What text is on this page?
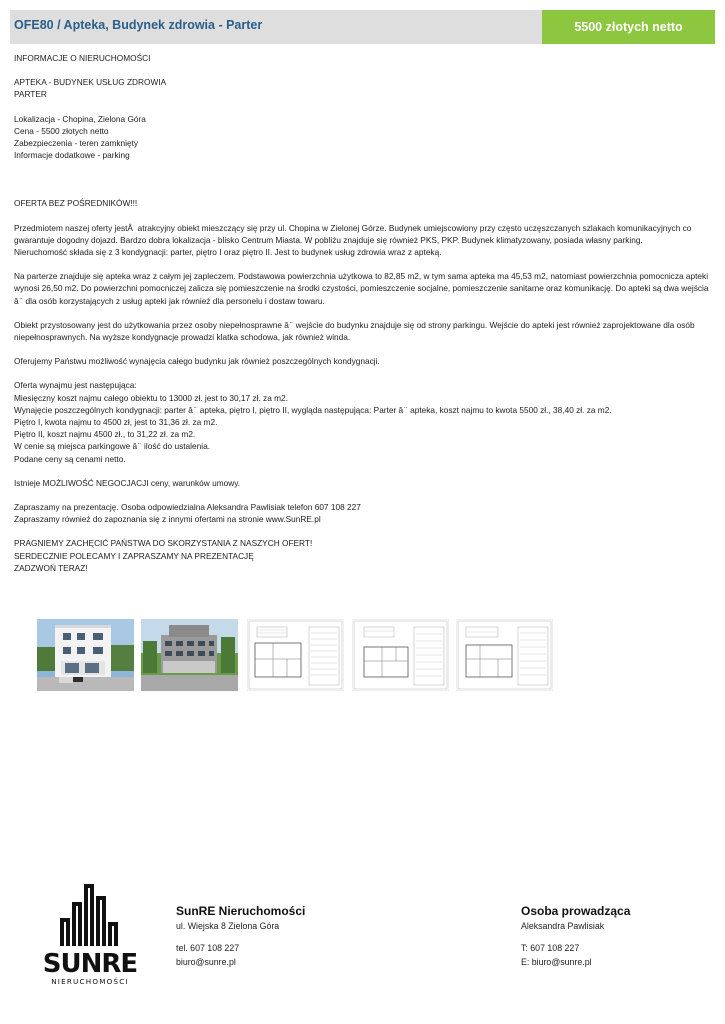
OFE80 / Apteka, Budynek zdrowia - Parter	5500 złotych netto

INFORMACJE O NIERUCHOMOŚCI

APTEKA - BUDYNEK USŁUG ZDROWIA
PARTER

Lokalizacja - Chopina, Zielona Góra
Cena - 5500 złotych netto
Zabezpieczenia - teren zamknięty
Informacje dodatkowe - parking

OFERTA BEZ POŚREDNIKÓW!!!

Przedmiotem naszej oferty jestÂ  atrakcyjny obiekt mieszczący się przy ul. Chopina w Zielonej Górze. Budynek umiejscowiony przy często uczęszczanych szlakach komunikacyjnych co gwarantuje dogodny dojazd. Bardzo dobra lokalizacja - blisko Centrum Miasta. W pobliżu znajduje się również PKS, PKP. Budynek klimatyzowany, posiada własny parking.
Nieruchomość składa się z 3 kondygnacji: parter, piętro I oraz piętro II. Jest to budynek usług zdrowia wraz z apteką.

Na parterze znajduje się apteka wraz z całym jej zapleczem. Podstawowa powierzchnia użytkowa to 82,85 m2, w tym sama apteka ma 45,53 m2, natomiast powierzchnia pomocnicza apteki wynosi 26,50 m2. Do powierzchni pomocniczej zalicza się pomieszczenie na środki czystości, pomieszczenie socjalne, pomieszczenie sanitarne oraz komunikację. Do apteki są dwa wejścia â ̈  dla osób korzystających z usług apteki jak również dla personelu i dostaw towaru.

Obiekt przystosowany jest do użytkowania przez osoby niepełnosprawne â ̈  wejście do budynku znajduje się od strony parkingu. Wejście do apteki jest również zaprojektowane dla osób niepełnosprawnych. Na wyższe kondygnacje prowadzi klatka schodowa, jak również winda.

Oferujemy Państwu możliwość wynajęcia całego budynku jak również poszczególnych kondygnacji.

Oferta wynajmu jest następująca:
Miesięczny koszt najmu całego obiektu to 13000 zł. jest to 30,17 zł. za m2.
Wynajęcie poszczególnych kondygnacji: parter â ̈  apteka, piętro I, piętro II, wygląda następująca: Parter â ̈  apteka, koszt najmu to kwota 5500 zł., 38,40 zł. za m2.
Piętro I, kwota najmu to 4500 zł, jest to 31,36 zł. za m2.
Piętro II, koszt najmu 4500 zł., to 31,22 zł. za m2.
W cenie są miejsca parkingowe â ̈  ilość do ustalenia.
Podane ceny są cenami netto.

Istnieje MOŻLIWOŚĆ NEGOCJACJI ceny, warunków umowy.

Zapraszamy na prezentację. Osoba odpowiedzialna Aleksandra Pawlisiak telefon 607 108 227
Zapraszamy również do zapoznania się z innymi ofertami na stronie www.SunRE.pl

PRAGNIEMY ZACHĘCIĆ PAŃSTWA DO SKORZYSTANIA Z NASZYCH OFERT!
SERDECZNIE POLECAMY I ZAPRASZAMY NA PREZENTACJĘ
ZADZWOŃ TERAZ!

SUNRE
NIERUCHOMOŚCI
SunRE Nieruchomości
ul. Wiejska 8 Zielona Góra
tel. 607 108 227
biuro@sunre.pl
Osoba prowadząca
Aleksandra Pawlisiak
T: 607 108 227
E: biuro@sunre.pl
